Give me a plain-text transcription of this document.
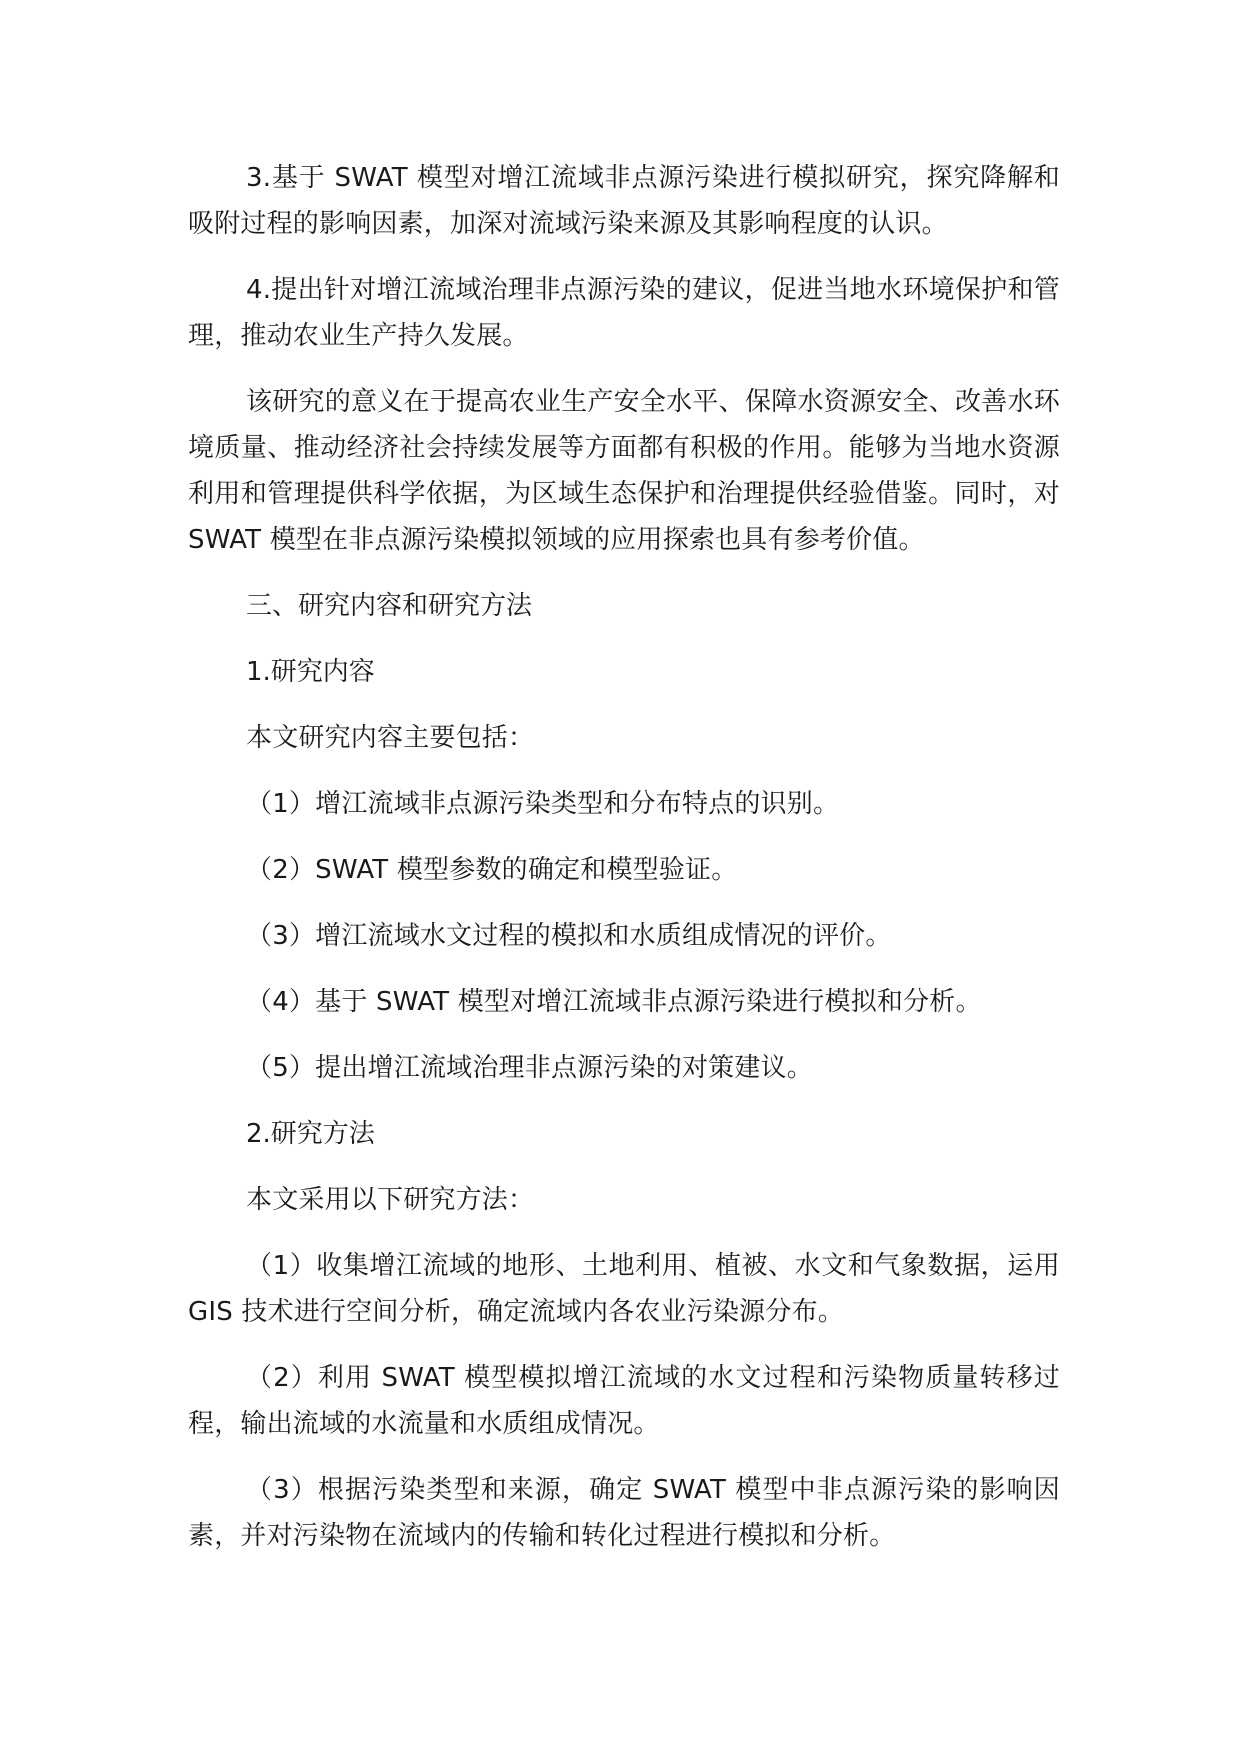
3.基于 SWAT 模型对增江流域非点源污染进行模拟研究，探究降解和吸附过程的影响因素，加深对流域污染来源及其影响程度的认识。

4.提出针对增江流域治理非点源污染的建议，促进当地水环境保护和管理，推动农业生产持久发展。

该研究的意义在于提高农业生产安全水平、保障水资源安全、改善水环境质量、推动经济社会持续发展等方面都有积极的作用。能够为当地水资源利用和管理提供科学依据，为区域生态保护和治理提供经验借鉴。同时，对 SWAT 模型在非点源污染模拟领域的应用探索也具有参考价值。

三、研究内容和研究方法

1.研究内容

本文研究内容主要包括：

（1）增江流域非点源污染类型和分布特点的识别。

（2）SWAT 模型参数的确定和模型验证。

（3）增江流域水文过程的模拟和水质组成情况的评价。

（4）基于 SWAT 模型对增江流域非点源污染进行模拟和分析。

（5）提出增江流域治理非点源污染的对策建议。

2.研究方法

本文采用以下研究方法：

（1）收集增江流域的地形、土地利用、植被、水文和气象数据，运用 GIS 技术进行空间分析，确定流域内各农业污染源分布。

（2）利用 SWAT 模型模拟增江流域的水文过程和污染物质量转移过程，输出流域的水流量和水质组成情况。

（3）根据污染类型和来源，确定 SWAT 模型中非点源污染的影响因素，并对污染物在流域内的传输和转化过程进行模拟和分析。
